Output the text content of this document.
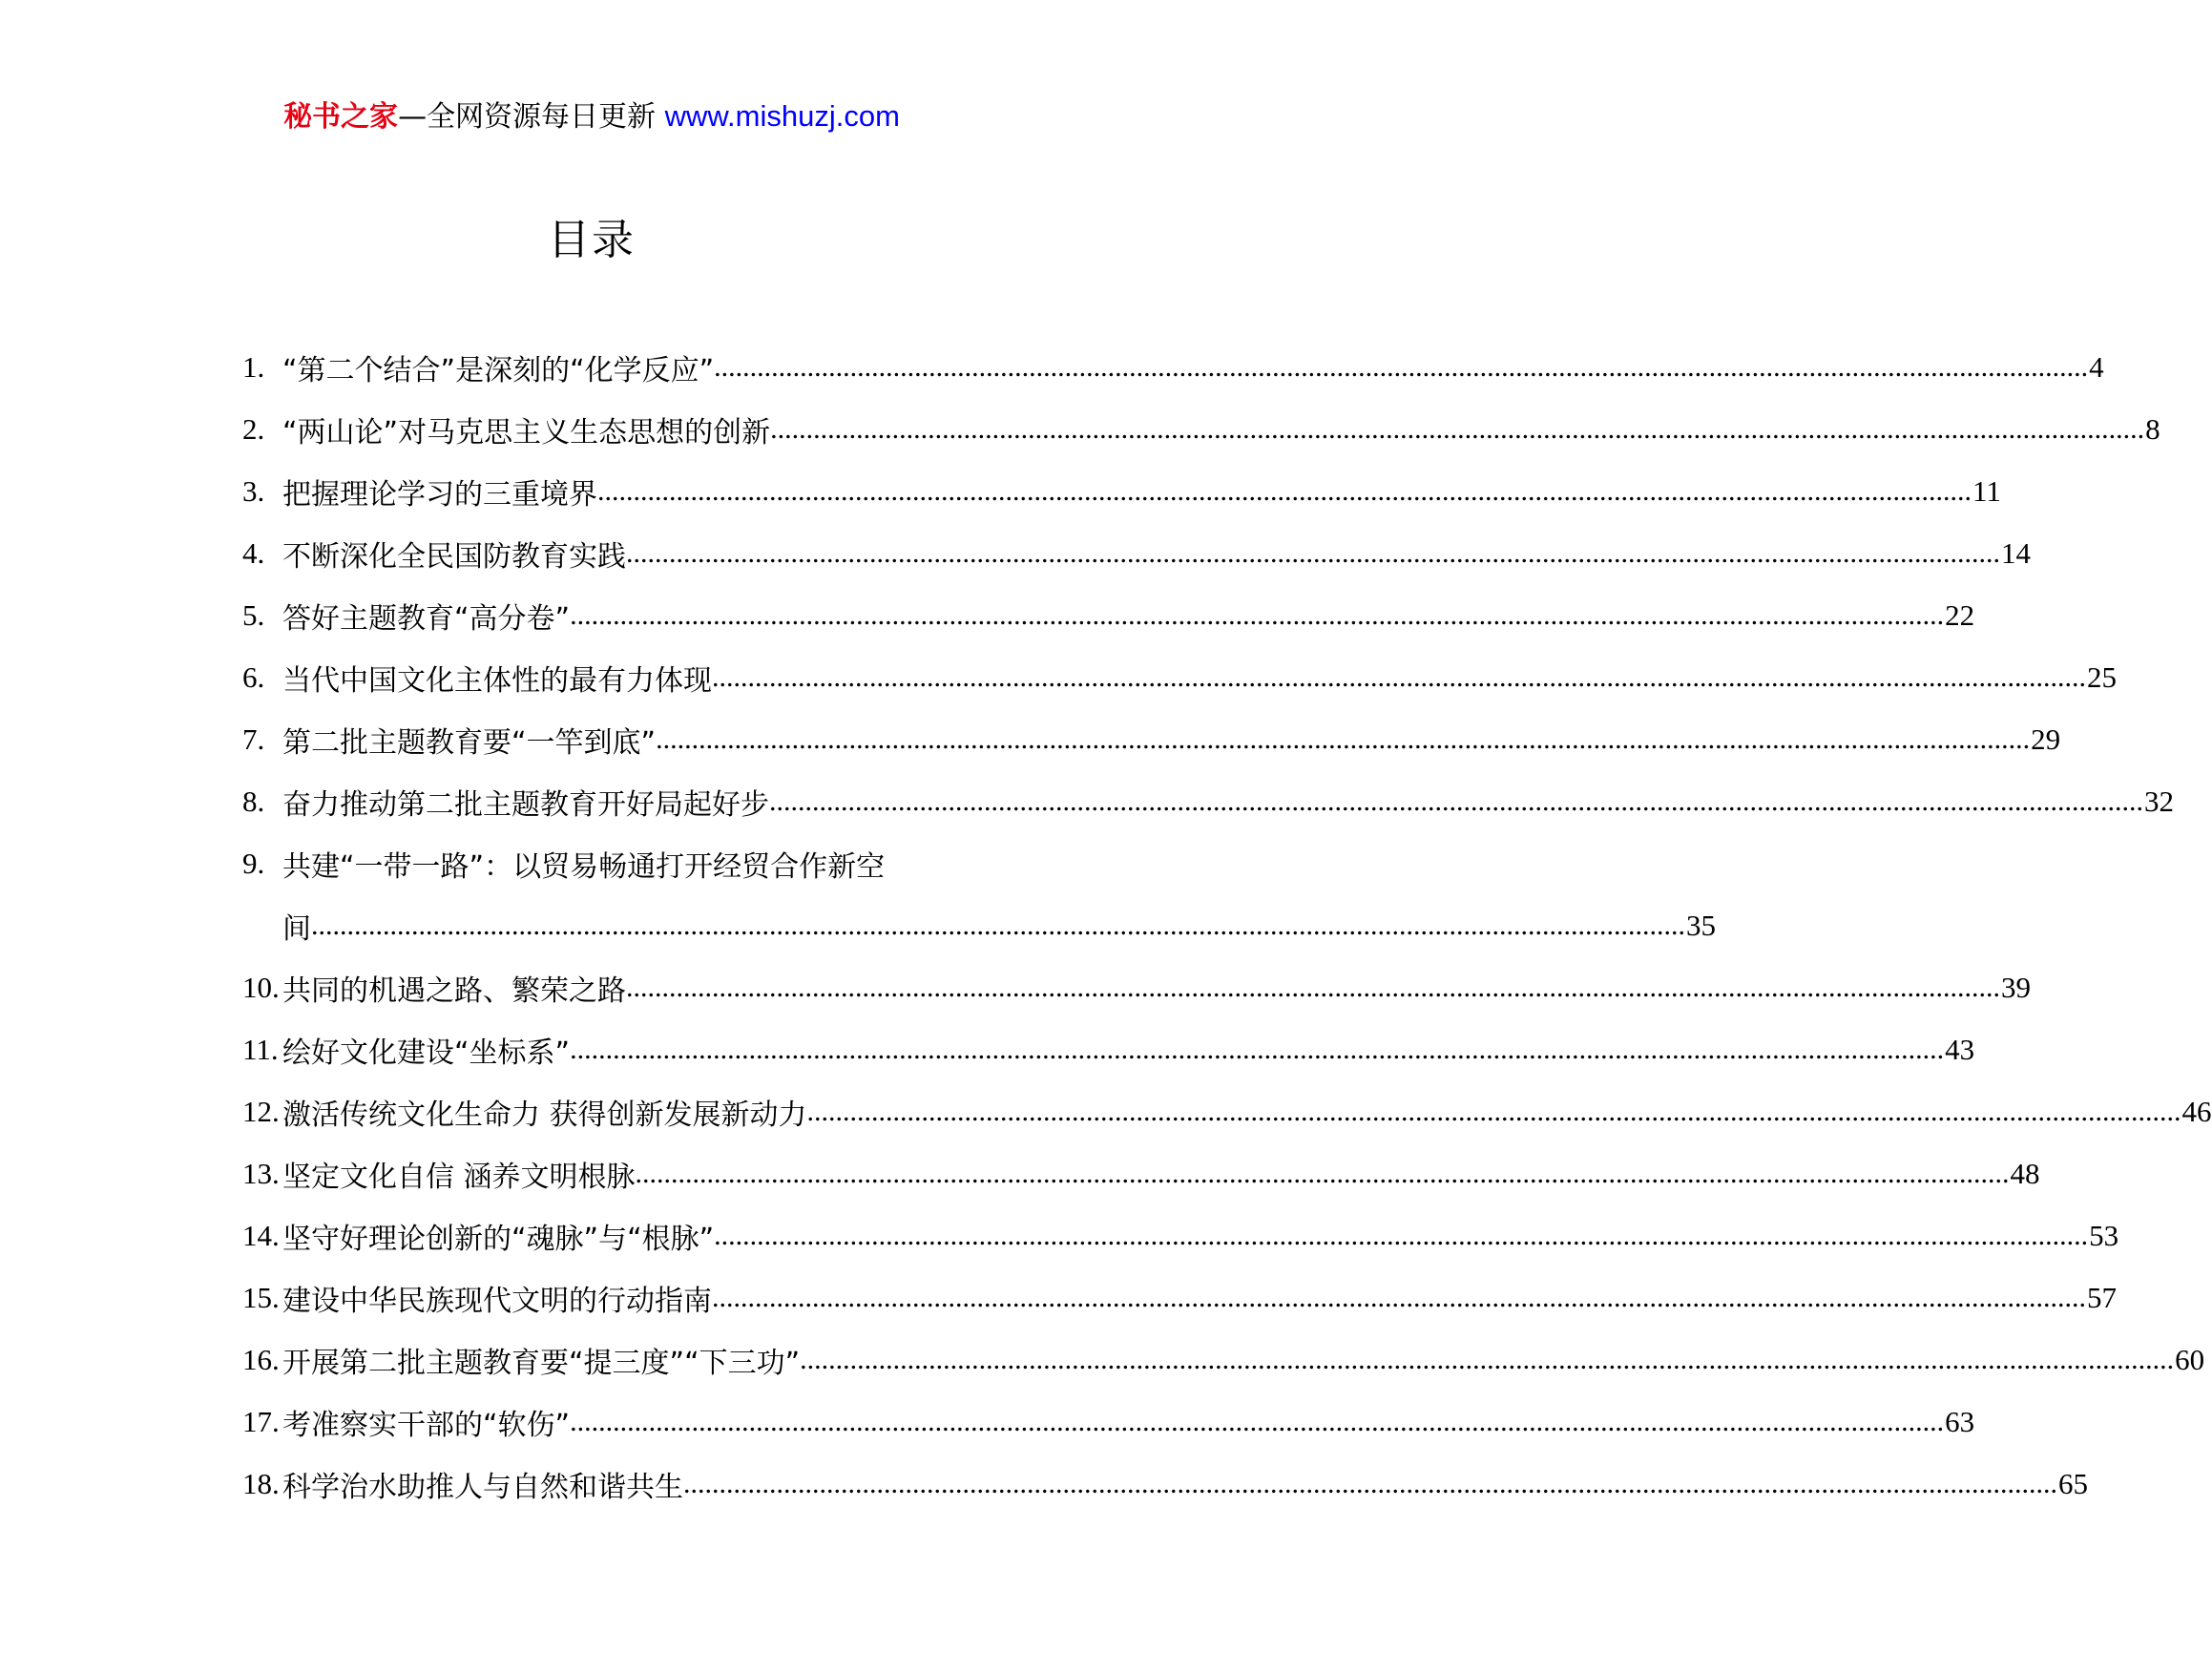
秘书之家—全网资源每日更新 www.mishuzj.com
目录
1. “第二个结合”是深刻的“化学反应” .....	4
2. “两山论”对马克思主义生态思想的创新 .....	8
3. 把握理论学习的三重境界 .....	11
4. 不断深化全民国防教育实践 .....	14
5. 答好主题教育“高分卷” .....	22
6. 当代中国文化主体性的最有力体现 .....	25
7. 第二批主题教育要“一竿到底” .....	29
8. 奋力推动第二批主题教育开好局起好步 .....	32
9. 共建“一带一路”：以贸易畅通打开经贸合作新空
间 .....	35
10. 共同的机遇之路、繁荣之路 .....	39
11. 绘好文化建设“坐标系” .....	43
12. 激活传统文化生命力 获得创新发展新动力 .....	46
13. 坚定文化自信 涵养文明根脉 .....	48
14. 坚守好理论创新的“魂脉”与“根脉” .....	53
15. 建设中华民族现代文明的行动指南 .....	57
16. 开展第二批主题教育要“提三度”“下三功” .....	60
17. 考准察实干部的“软伤” .....	63
18. 科学治水助推人与自然和谐共生 .....	65
